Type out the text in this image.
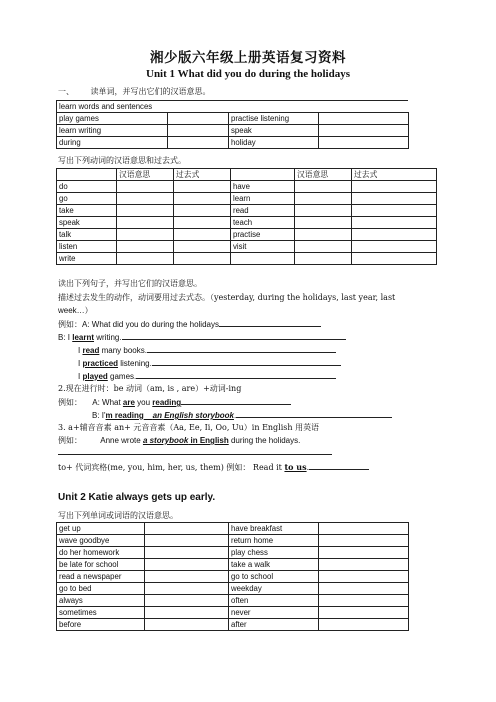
湘少版六年级上册英语复习资料
Unit 1 What did you do during the holidays
一、 读单词，并写出它们的汉语意思。
learn words and sentences			
play games		practise listening	
learn writing		speak	
during		holiday	
写出下列动词的汉语意思和过去式。
	汉语意思	过去式		汉语意思	过去式
do			have		
go			learn		
take			read		
speak			teach		
talk			practise		
listen			visit		
write					
读出下列句子，并写出它们的汉语意思。
描述过去发生的动作，动词要用过去式态。（yesterday, during the holidays, last year, last
week…）
例如：A: What did you do during the holidays
B: I learnt writing.
I read many books.
I practiced listening.
I played games.
2.现在进行时：be 动词（am, is , are）+动词-ing
例如： A: What are you reading
B: I'm reading an English storybook.
3. a+辅音音素 an+ 元音音素（Aa, Ee, Ii, Oo, Uu）in English 用英语
例如： Anne wrote a storybook in English during the holidays.
to+ 代词宾格(me, you, him, her, us, them) 例如： Read it to us.
Unit 2 Katie always gets up early.
写出下列单词或词语的汉语意思。
get up		have breakfast	
wave goodbye		return home	
do her homework		play chess	
be late for school		take a walk	
read a newspaper		go to school	
go to bed		weekday	
always		often	
sometimes		never	
before		after	
